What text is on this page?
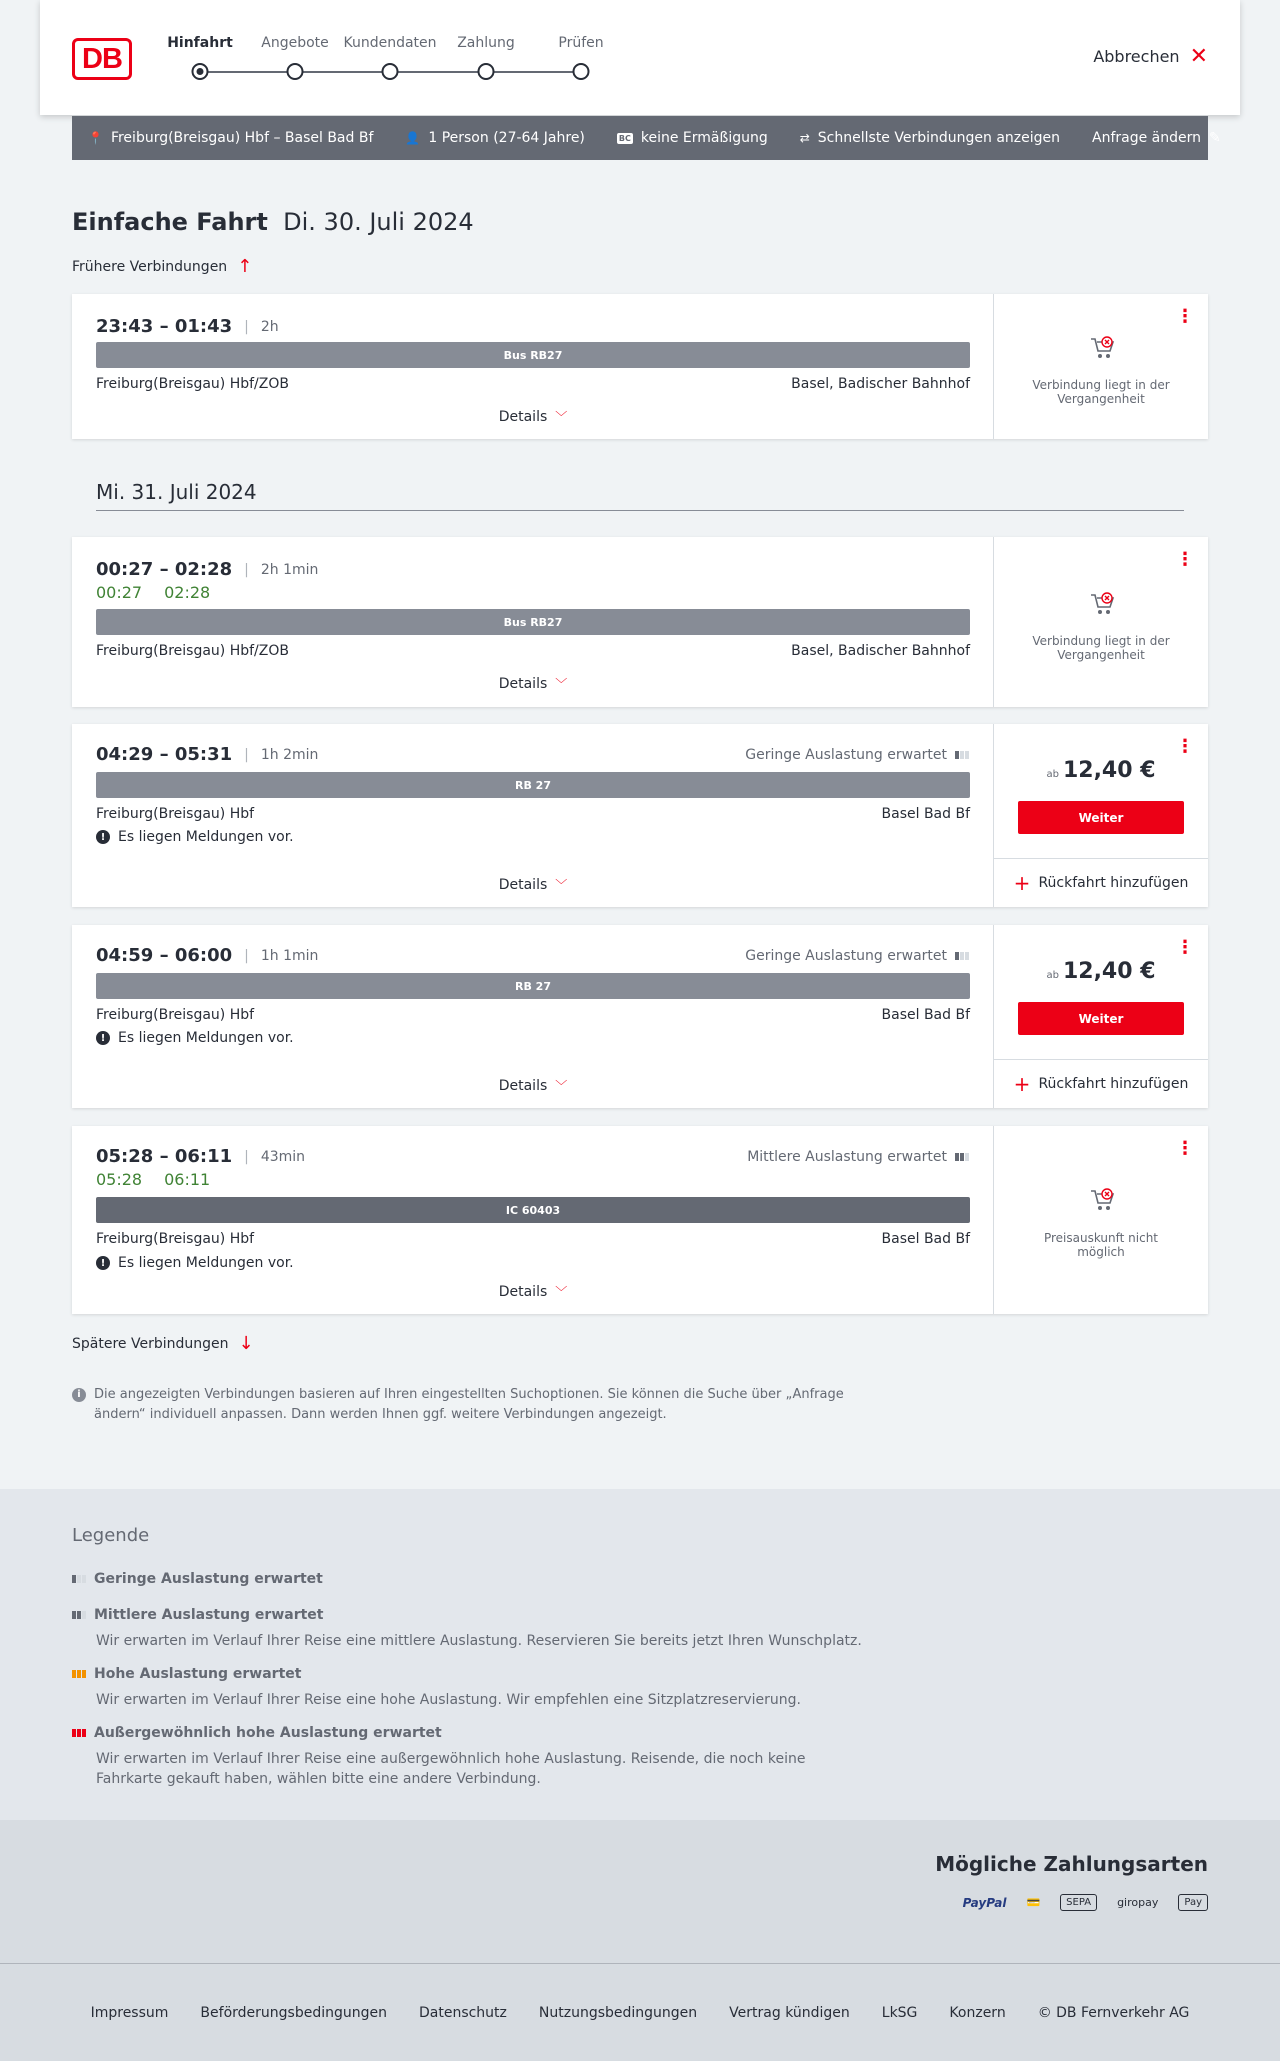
DB	Hinfahrt Angebote Kundendaten Zahlung	Prüfen
Abbrechen ✕
📍 Freiburg(Breisgau) Hbf – Basel Bad Bf	👤 1 Person (27-64 Jahre)	BC keine Ermäßigung	⇄ Schnellste Verbindungen anzeigen Anfrage ändern ✎
Einfache Fahrt Di. 30. Juli 2024
Frühere Verbindungen ↑
23:43 – 01:43 | 2h
Bus RB27
Freiburg(Breisgau) Hbf/ZOB	Basel, Badischer Bahnhof
Details ﹀
⋮
Verbindung liegt in der Vergangenheit
Mi. 31. Juli 2024
00:27 – 02:28 | 2h 1min
00:27 02:28
Bus RB27
Freiburg(Breisgau) Hbf/ZOB	Basel, Badischer Bahnhof
Details ﹀
⋮
Verbindung liegt in der Vergangenheit
04:29 – 05:31 | 1h 2min	Geringe Auslastung erwartet
RB 27
Freiburg(Breisgau) Hbf	Basel Bad Bf
! Es liegen Meldungen vor.
Details ﹀
⋮
ab 12,40 €
Weiter
+ Rückfahrt hinzufügen
04:59 – 06:00 | 1h 1min	Geringe Auslastung erwartet
RB 27
Freiburg(Breisgau) Hbf	Basel Bad Bf
! Es liegen Meldungen vor.
Details ﹀
⋮
ab 12,40 €
Weiter
+ Rückfahrt hinzufügen
05:28 – 06:11 | 43min	Mittlere Auslastung erwartet
05:28 06:11
IC 60403
Freiburg(Breisgau) Hbf	Basel Bad Bf
! Es liegen Meldungen vor.
Details ﹀
⋮
Preisauskunft nicht möglich
Spätere Verbindungen ↓
i	Die angezeigten Verbindungen basieren auf Ihren eingestellten Suchoptionen. Sie können die Suche über „Anfrage ändern“ individuell anpassen. Dann werden Ihnen ggf. weitere Verbindungen angezeigt.
Legende
Geringe Auslastung erwartet
Mittlere Auslastung erwartet
Wir erwarten im Verlauf Ihrer Reise eine mittlere Auslastung. Reservieren Sie bereits jetzt Ihren Wunschplatz.
Hohe Auslastung erwartet
Wir erwarten im Verlauf Ihrer Reise eine hohe Auslastung. Wir empfehlen eine Sitzplatzreservierung.
Außergewöhnlich hohe Auslastung erwartet
Wir erwarten im Verlauf Ihrer Reise eine außergewöhnlich hohe Auslastung. Reisende, die noch keine Fahrkarte gekauft haben, wählen bitte eine andere Verbindung.
Mögliche Zahlungsarten
PayPal 💳	SEPA	giropay	Pay
Impressum Beförderungsbedingungen Datenschutz Nutzungsbedingungen Vertrag kündigen LkSG Konzern © DB Fernverkehr AG
